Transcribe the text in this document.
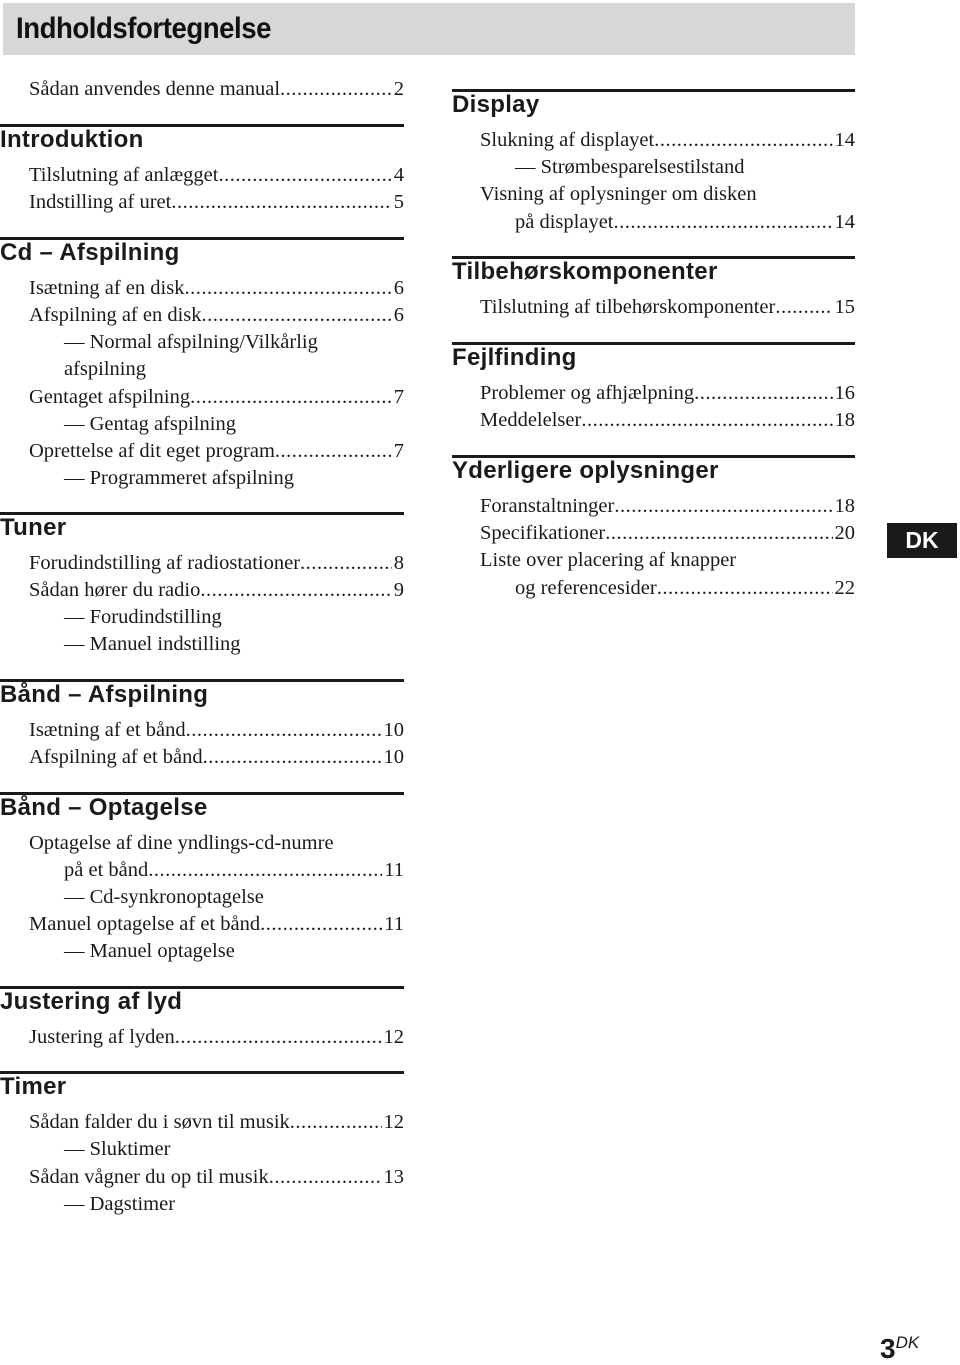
Indholdsfortegnelse
Sådan anvendes denne manual .....	2
Introduktion
Tilslutning af anlægget .....	4
Indstilling af uret .....	5
Cd – Afspilning
Isætning af en disk .....	6
Afspilning af en disk .....	6
— Normal afspilning/Vilkårlig
afspilning
Gentaget afspilning .....	7
— Gentag afspilning
Oprettelse af dit eget program .....	7
— Programmeret afspilning
Tuner
Forudindstilling af radiostationer .....	8
Sådan hører du radio .....	9
— Forudindstilling
— Manuel indstilling
Bånd – Afspilning
Isætning af et bånd .....	10
Afspilning af et bånd .....	10
Bånd – Optagelse
Optagelse af dine yndlings-cd-numre
på et bånd .....	11
— Cd-synkronoptagelse
Manuel optagelse af et bånd .....	11
— Manuel optagelse
Justering af lyd
Justering af lyden .....	12
Timer
Sådan falder du i søvn til musik .....	12
— Sluktimer
Sådan vågner du op til musik .....	13
— Dagstimer
Display
Slukning af displayet .....	14
— Strømbesparelsestilstand
Visning af oplysninger om disken
på displayet .....	14
Tilbehørskomponenter
Tilslutning af tilbehørskomponenter .....	15
Fejlfinding
Problemer og afhjælpning .....	16
Meddelelser .....	18
Yderligere oplysninger
Foranstaltninger .....	18
Specifikationer .....	20
Liste over placering af knapper
og referencesider .....	22
DK
$3^{DK}$
